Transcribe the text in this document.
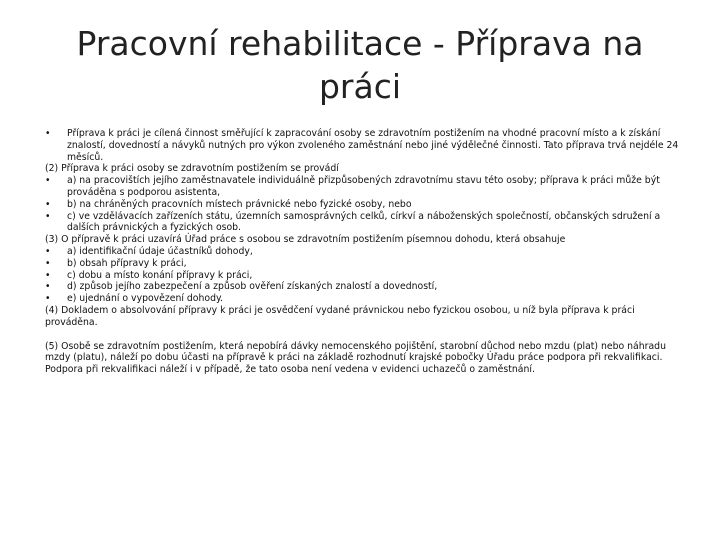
Pracovní rehabilitace - Příprava na práci
• Příprava k práci je cílená činnost směřující k zapracování osoby se zdravotním postižením na vhodné pracovní místo a k získání znalostí, dovedností a návyků nutných pro výkon zvoleného zaměstnání nebo jiné výdělečné činnosti. Tato příprava trvá nejdéle 24 měsíců.

(2) Příprava k práci osoby se zdravotním postižením se provádí

• a) na pracovištích jejího zaměstnavatele individuálně přizpůsobených zdravotnímu stavu této osoby; příprava k práci může být prováděna s podporou asistenta,
• b) na chráněných pracovních místech právnické nebo fyzické osoby, nebo
• c) ve vzdělávacích zařízeních státu, územních samosprávných celků, církví a náboženských společností, občanských sdružení a dalších právnických a fyzických osob.

(3) O přípravě k práci uzavírá Úřad práce s osobou se zdravotním postižením písemnou dohodu, která obsahuje

• a) identifikační údaje účastníků dohody,
• b) obsah přípravy k práci,
• c) dobu a místo konání přípravy k práci,
• d) způsob jejího zabezpečení a způsob ověření získaných znalostí a dovedností,
• e) ujednání o vypovězení dohody.

(4) Dokladem o absolvování přípravy k práci je osvědčení vydané právnickou nebo fyzickou osobou, u níž byla příprava k práci prováděna.

(5) Osobě se zdravotním postižením, která nepobírá dávky nemocenského pojištění, starobní důchod nebo mzdu (plat) nebo náhradu mzdy (platu), náleží po dobu účasti na přípravě k práci na základě rozhodnutí krajské pobočky Úřadu práce podpora při rekvalifikaci. Podpora při rekvalifikaci náleží i v případě, že tato osoba není vedena v evidenci uchazečů o zaměstnání.
